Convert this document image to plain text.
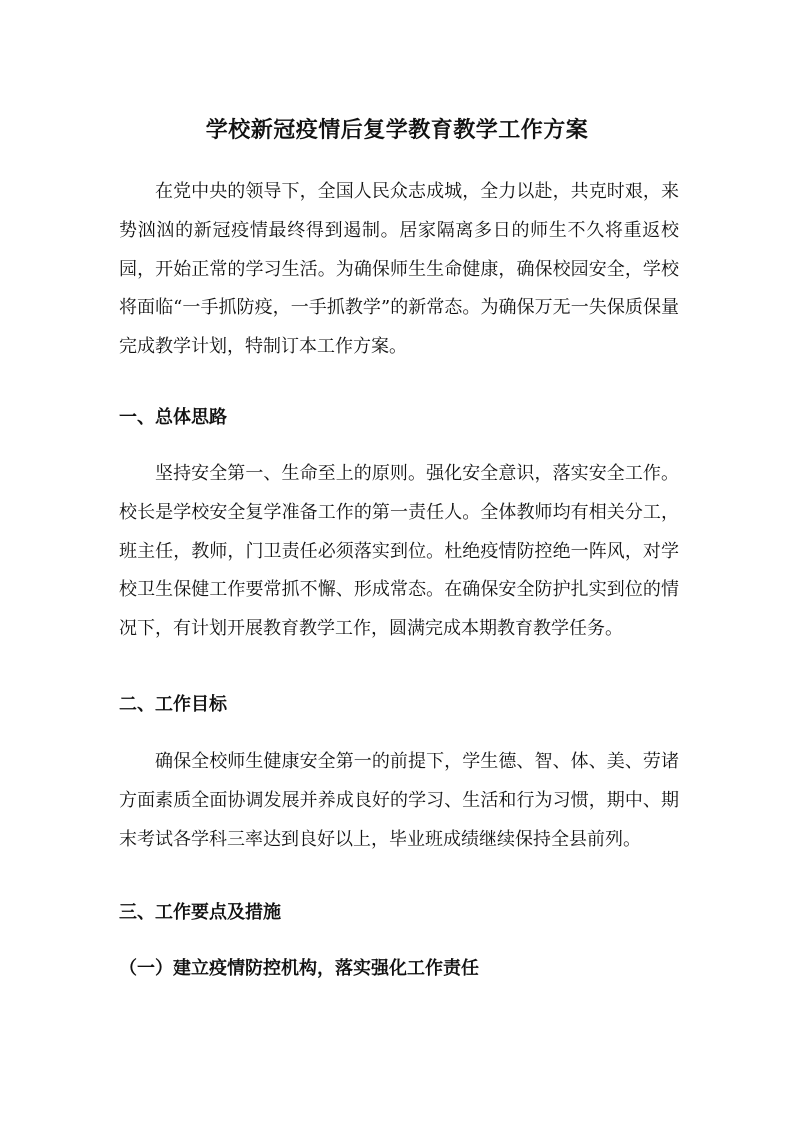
学校新冠疫情后复学教育教学工作方案

在党中央的领导下，全国人民众志成城，全力以赴，共克时艰，来势汹汹的新冠疫情最终得到遏制。居家隔离多日的师生不久将重返校园，开始正常的学习生活。为确保师生生命健康，确保校园安全，学校将面临“一手抓防疫，一手抓教学”的新常态。为确保万无一失保质保量完成教学计划，特制订本工作方案。

一、总体思路

坚持安全第一、生命至上的原则。强化安全意识，落实安全工作。校长是学校安全复学准备工作的第一责任人。全体教师均有相关分工，班主任，教师，门卫责任必须落实到位。杜绝疫情防控绝一阵风，对学校卫生保健工作要常抓不懈、形成常态。在确保安全防护扎实到位的情况下，有计划开展教育教学工作，圆满完成本期教育教学任务。

二、工作目标

确保全校师生健康安全第一的前提下，学生德、智、体、美、劳诸方面素质全面协调发展并养成良好的学习、生活和行为习惯，期中、期末考试各学科三率达到良好以上，毕业班成绩继续保持全县前列。

三、工作要点及措施
（一）建立疫情防控机构，落实强化工作责任
